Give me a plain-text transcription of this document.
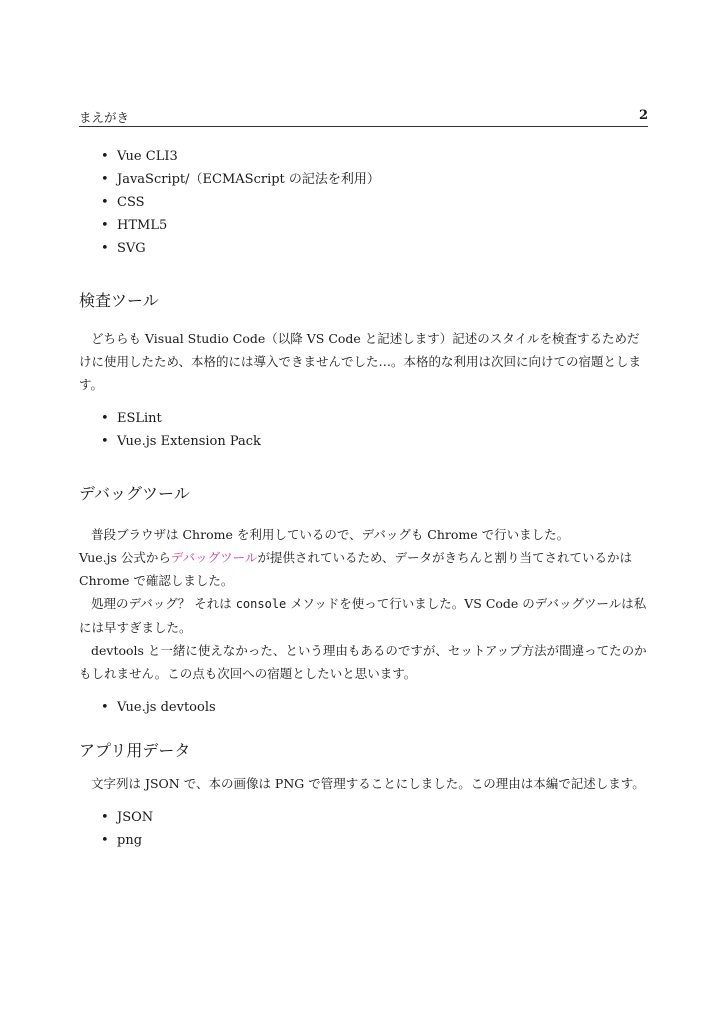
まえがき	2
• Vue CLI3
• JavaScript/（ECMAScript の記法を利用）
• CSS
• HTML5
• SVG
検査ツール

どちらも Visual Studio Code（以降 VS Code と記述します）記述のスタイルを検査するためだけに使用したため、本格的には導入できませんでした…。本格的な利用は次回に向けての宿題とします。

• ESLint
• Vue.js Extension Pack
デバッグツール

普段ブラウザは Chrome を利用しているので、デバッグも Chrome で行いました。

Vue.js 公式からデバッグツールが提供されているため、データがきちんと割り当てされているかは Chrome で確認しました。

処理のデバッグ？ それは console メソッドを使って行いました。VS Code のデバッグツールは私には早すぎました。

devtools と一緒に使えなかった、という理由もあるのですが、セットアップ方法が間違ってたのかもしれません。この点も次回への宿題としたいと思います。

• Vue.js devtools
アプリ用データ

文字列は JSON で、本の画像は PNG で管理することにしました。この理由は本編で記述します。

• JSON
• png
